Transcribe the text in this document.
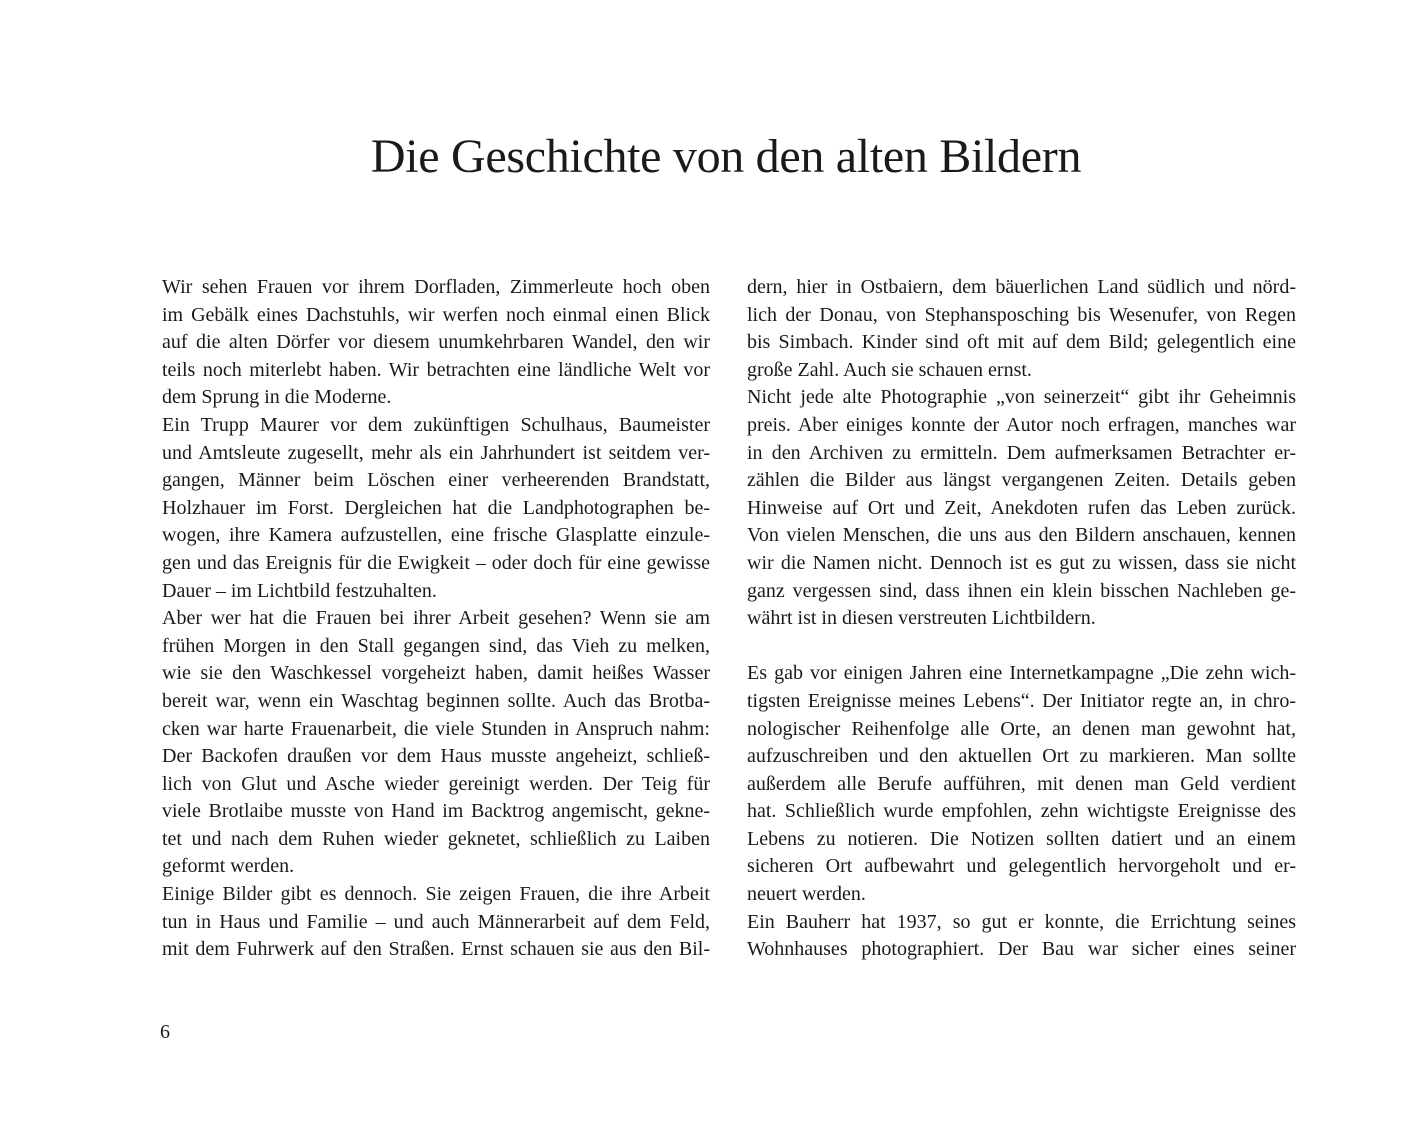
Die Geschichte von den alten Bildern
Wir sehen Frauen vor ihrem Dorfladen, Zimmerleute hoch oben
im Gebälk eines Dachstuhls, wir werfen noch einmal einen Blick
auf die alten Dörfer vor diesem unumkehrbaren Wandel, den wir
teils noch miterlebt haben. Wir betrachten eine ländliche Welt vor
dem Sprung in die Moderne.
Ein Trupp Maurer vor dem zukünftigen Schulhaus, Baumeister
und Amtsleute zugesellt, mehr als ein Jahrhundert ist seitdem ver-
gangen, Männer beim Löschen einer verheerenden Brandstatt,
Holzhauer im Forst. Dergleichen hat die Landphotographen be-
wogen, ihre Kamera aufzustellen, eine frische Glasplatte einzule-
gen und das Ereignis für die Ewigkeit – oder doch für eine gewisse
Dauer – im Lichtbild festzuhalten.
Aber wer hat die Frauen bei ihrer Arbeit gesehen? Wenn sie am
frühen Morgen in den Stall gegangen sind, das Vieh zu melken,
wie sie den Waschkessel vorgeheizt haben, damit heißes Wasser
bereit war, wenn ein Waschtag beginnen sollte. Auch das Brotba-
cken war harte Frauenarbeit, die viele Stunden in Anspruch nahm:
Der Backofen draußen vor dem Haus musste angeheizt, schließ-
lich von Glut und Asche wieder gereinigt werden. Der Teig für
viele Brotlaibe musste von Hand im Backtrog angemischt, gekne-
tet und nach dem Ruhen wieder geknetet, schließlich zu Laiben
geformt werden.
Einige Bilder gibt es dennoch. Sie zeigen Frauen, die ihre Arbeit
tun in Haus und Familie – und auch Männerarbeit auf dem Feld,
mit dem Fuhrwerk auf den Straßen. Ernst schauen sie aus den Bil-
dern, hier in Ostbaiern, dem bäuerlichen Land südlich und nörd-
lich der Donau, von Stephansposching bis Wesenufer, von Regen
bis Simbach. Kinder sind oft mit auf dem Bild; gelegentlich eine
große Zahl. Auch sie schauen ernst.
Nicht jede alte Photographie „von seinerzeit“ gibt ihr Geheimnis
preis. Aber einiges konnte der Autor noch erfragen, manches war
in den Archiven zu ermitteln. Dem aufmerksamen Betrachter er-
zählen die Bilder aus längst vergangenen Zeiten. Details geben
Hinweise auf Ort und Zeit, Anekdoten rufen das Leben zurück.
Von vielen Menschen, die uns aus den Bildern anschauen, kennen
wir die Namen nicht. Dennoch ist es gut zu wissen, dass sie nicht
ganz vergessen sind, dass ihnen ein klein bisschen Nachleben ge-
währt ist in diesen verstreuten Lichtbildern.
Es gab vor einigen Jahren eine Internetkampagne „Die zehn wich-
tigsten Ereignisse meines Lebens“. Der Initiator regte an, in chro-
nologischer Reihenfolge alle Orte, an denen man gewohnt hat,
aufzuschreiben und den aktuellen Ort zu markieren. Man sollte
außerdem alle Berufe aufführen, mit denen man Geld verdient
hat. Schließlich wurde empfohlen, zehn wichtigste Ereignisse des
Lebens zu notieren. Die Notizen sollten datiert und an einem
sicheren Ort aufbewahrt und gelegentlich hervorgeholt und er-
neuert werden.
Ein Bauherr hat 1937, so gut er konnte, die Errichtung seines
Wohnhauses photographiert. Der Bau war sicher eines seiner
6
